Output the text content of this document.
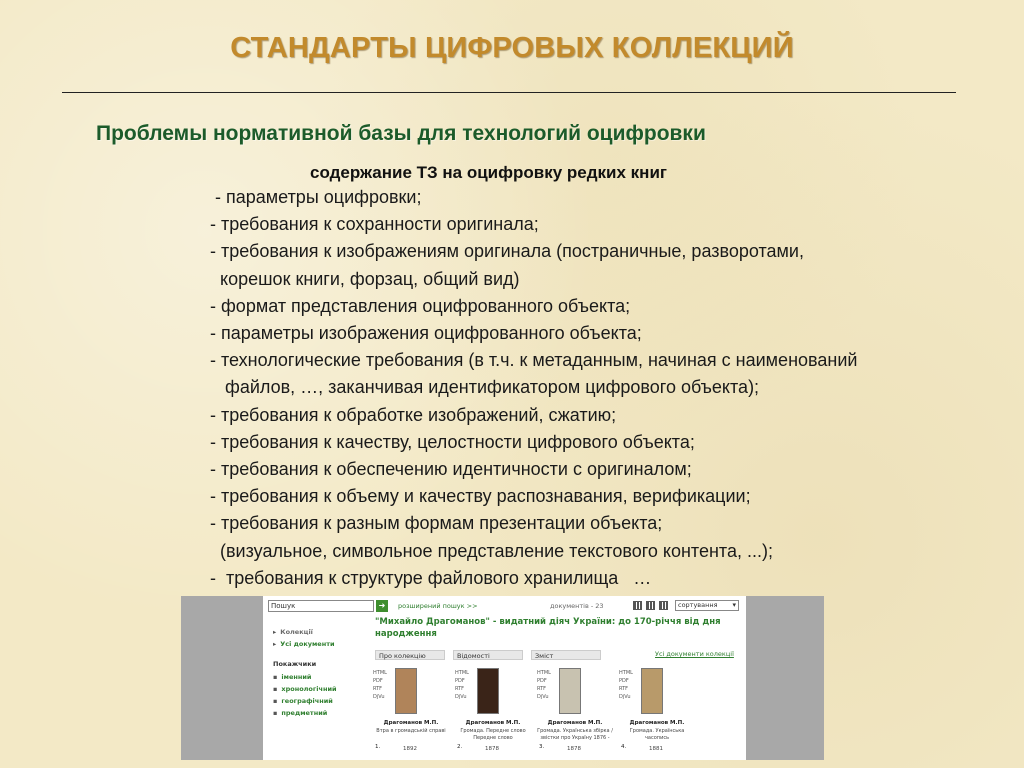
СТАНДАРТЫ ЦИФРОВЫХ КОЛЛЕКЦИЙ
Проблемы нормативной базы для технологий оцифровки
содержание ТЗ на оцифровку редких книг
- параметры оцифровки;
- требования к сохранности оригинала;
- требования к изображениям оригинала (постраничные, разворотами,
корешок книги, форзац, общий вид)
- формат представления оцифрованного объекта;
- параметры изображения оцифрованного объекта;
- технологические требования (в т.ч. к метаданным, начиная с наименований
файлов, …, заканчивая идентификатором цифрового объекта);
- требования к обработке изображений, сжатию;
- требования к качеству, целостности цифрового объекта;
- требования к обеспечению идентичности с оригиналом;
- требования к объему и качеству распознавания, верификации;
- требования к разным формам презентации объекта;
(визуальное, символьное представление текстового контента, ...);
-  требования к структуре файлового хранилища   …
Пошук	➜	розширений пошук >>	документів - 23	сортування ▾
▸ Колекції
▸ Усі документи
Покажчики
▪ іменний
▪ хронологічний
▪ географічний
▪ предметний
"Михайло Драгоманов" - видатний діяч України: до 170-річчя від дня народження
Про колекцію	Відомості	Зміст	Усі документи колекції
HTML
PDF
RTF
DjVu
Драгоманов М.П.
Втра в громадській справі
1.	1892
HTML
PDF
RTF
DjVu
Драгоманов М.П.
Громада. Передне слово Передне слово
2.	1878
HTML
PDF
RTF
DjVu
Драгоманов М.П.
Громада. Українська збірка / звістки про Україну 1876 -
3.	1878
HTML
PDF
RTF
DjVu
Драгоманов М.П.
Громада. Українська часопись
4.	1881
